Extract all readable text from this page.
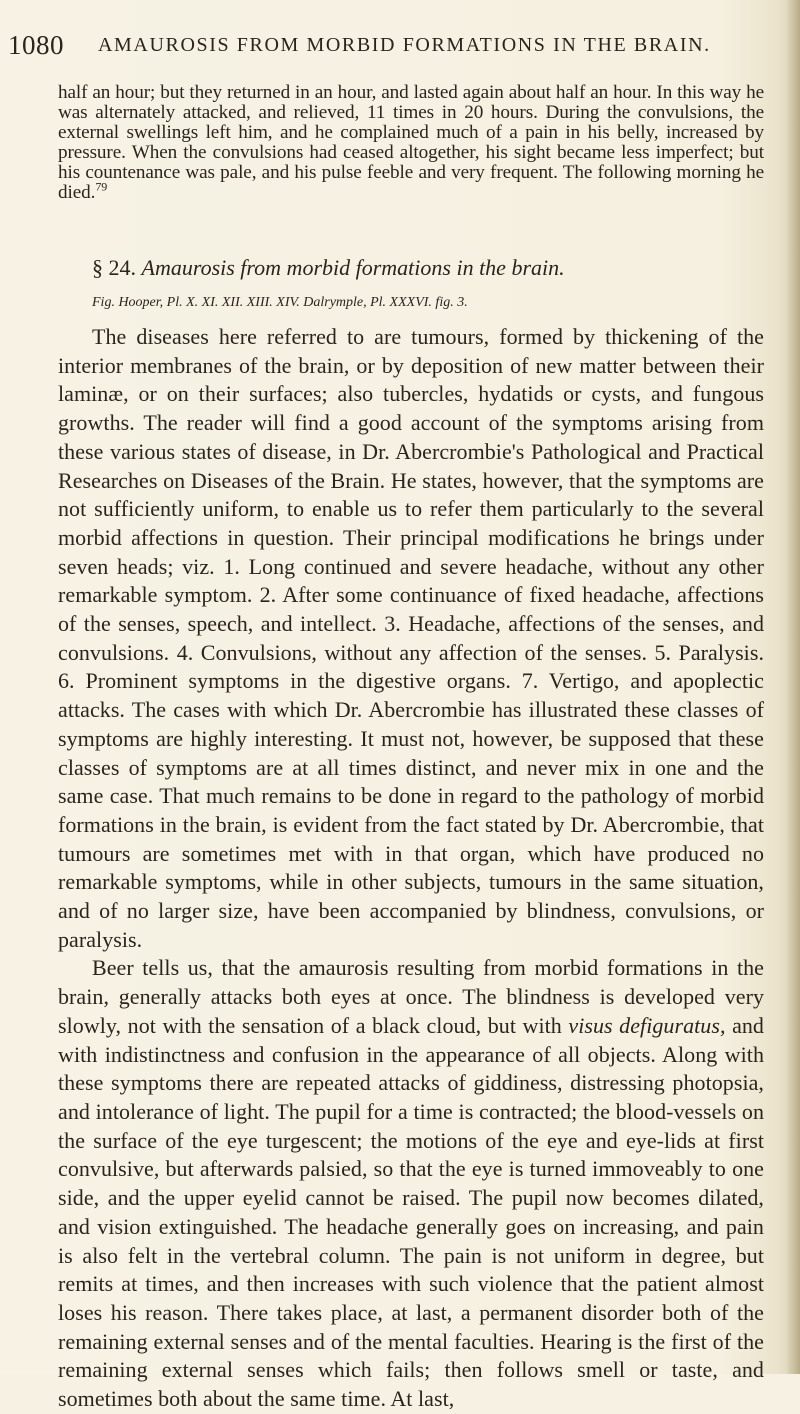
1080 AMAUROSIS FROM MORBID FORMATIONS IN THE BRAIN.
half an hour; but they returned in an hour, and lasted again about half an hour. In this way he was alternately attacked, and relieved, 11 times in 20 hours. During the convulsions, the external swellings left him, and he complained much of a pain in his belly, increased by pressure. When the convulsions had ceased altogether, his sight became less imperfect; but his countenance was pale, and his pulse feeble and very frequent. The following morning he died.$^{79}$
§ 24. Amaurosis from morbid formations in the brain.
Fig. Hooper, Pl. X. XI. XII. XIII. XIV. Dalrymple, Pl. XXXVI. fig. 3.

The diseases here referred to are tumours, formed by thickening of the interior membranes of the brain, or by deposition of new matter between their laminæ, or on their surfaces; also tubercles, hydatids or cysts, and fungous growths. The reader will find a good account of the symptoms arising from these various states of disease, in Dr. Abercrombie's Pathological and Practical Researches on Diseases of the Brain. He states, however, that the symptoms are not sufficiently uniform, to enable us to refer them particularly to the several morbid affections in question. Their principal modifications he brings under seven heads; viz. 1. Long continued and severe headache, without any other remarkable symptom. 2. After some continuance of fixed headache, affections of the senses, speech, and intellect. 3. Headache, affections of the senses, and convulsions. 4. Convulsions, without any affection of the senses. 5. Paralysis. 6. Prominent symptoms in the digestive organs. 7. Vertigo, and apoplectic attacks. The cases with which Dr. Abercrombie has illustrated these classes of symptoms are highly interesting. It must not, however, be supposed that these classes of symptoms are at all times distinct, and never mix in one and the same case. That much remains to be done in regard to the pathology of morbid formations in the brain, is evident from the fact stated by Dr. Abercrombie, that tumours are sometimes met with in that organ, which have produced no remarkable symptoms, while in other subjects, tumours in the same situation, and of no larger size, have been accompanied by blindness, convulsions, or paralysis.

Beer tells us, that the amaurosis resulting from morbid formations in the brain, generally attacks both eyes at once. The blindness is developed very slowly, not with the sensation of a black cloud, but with visus defiguratus, and with indistinctness and confusion in the appearance of all objects. Along with these symptoms there are repeated attacks of giddiness, distressing photopsia, and intolerance of light. The pupil for a time is contracted; the blood-vessels on the surface of the eye turgescent; the motions of the eye and eye-lids at first convulsive, but afterwards palsied, so that the eye is turned immoveably to one side, and the upper eyelid cannot be raised. The pupil now becomes dilated, and vision extinguished. The headache generally goes on increasing, and pain is also felt in the vertebral column. The pain is not uniform in degree, but remits at times, and then increases with such violence that the patient almost loses his reason. There takes place, at last, a permanent disorder both of the remaining external senses and of the mental faculties. Hearing is the first of the remaining external senses which fails; then follows smell or taste, and sometimes both about the same time. At last,
